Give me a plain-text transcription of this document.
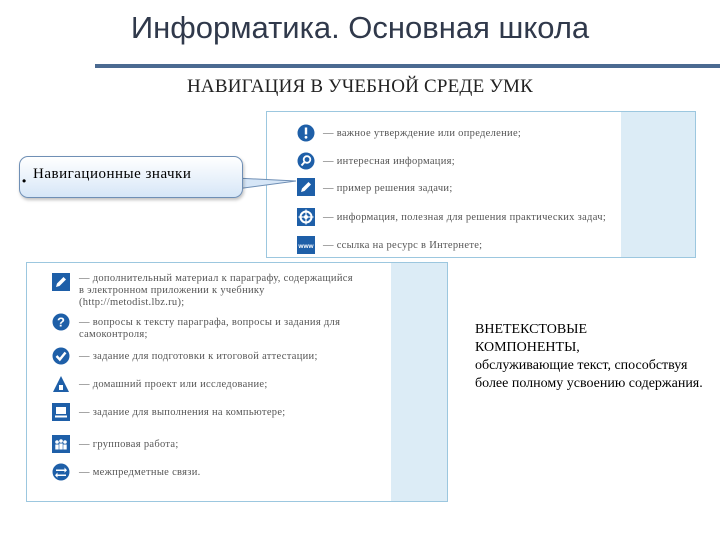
Информатика. Основная школа
НАВИГАЦИЯ В УЧЕБНОЙ СРЕДЕ УМК
— важное утверждение или определение;
— интересная информация;
— пример решения задачи;
— информация, полезная для решения практических задач;
www — ссылка на ресурс в Интернете;
• Навигационные значки
— дополнительный материал к параграфу, содержащийся
в электронном приложении к учебнику
(http://metodist.lbz.ru);
? — вопросы к тексту параграфа, вопросы и задания для
самоконтроля;
— задание для подготовки к итоговой аттестации;
— домашний проект или исследование;
— задание для выполнения на компьютере;
— групповая работа;
— межпредметные связи.
ВНЕТЕКСТОВЫЕ
КОМПОНЕНТЫ,
обслуживающие текст, способствуя более полному усвоению содержания.
